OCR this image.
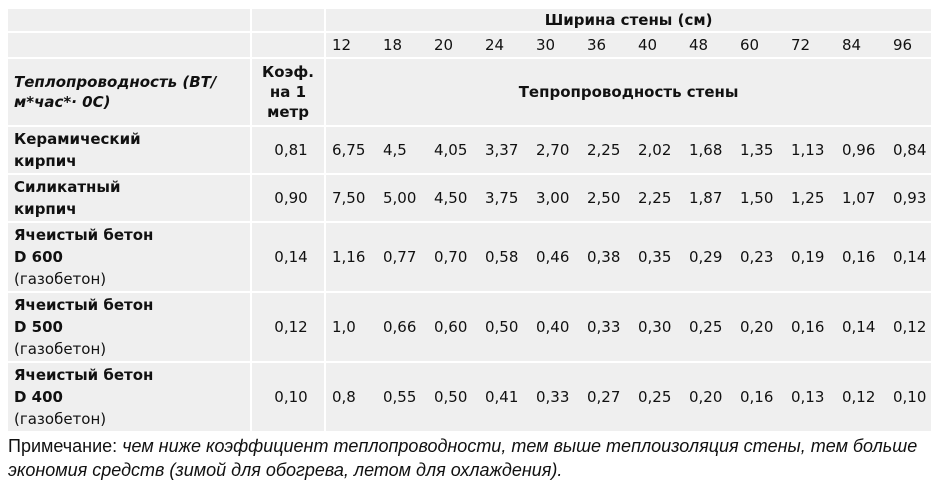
		Ширина стены (см)											
		12	18	20	24	30	36	40	48	60	72	84	96
Теплопроводность (ВТ/ м*час*· 0С)	Коэф. на 1 метр	Тепропроводность стены											

Керамический
кирпич	0,81	6,75	4,5	4,05	3,37	2,70	2,25	2,02	1,68	1,35	1,13	0,96	0,84

Силикатный
кирпич	0,90	7,50	5,00	4,50	3,75	3,00	2,50	2,25	1,87	1,50	1,25	1,07	0,93

Ячеистый бетон
D 600
(газобетон)	0,14	1,16	0,77	0,70	0,58	0,46	0,38	0,35	0,29	0,23	0,19	0,16	0,14

Ячеистый бетон
D 500
(газобетон)	0,12	1,0	0,66	0,60	0,50	0,40	0,33	0,30	0,25	0,20	0,16	0,14	0,12

Ячеистый бетон
D 400
(газобетон)	0,10	0,8	0,55	0,50	0,41	0,33	0,27	0,25	0,20	0,16	0,13	0,12	0,10
Примечание: чем ниже коэффициент теплопроводности, тем выше теплоизоляция стены, тем больше экономия средств (зимой для обогрева, летом для охлаждения).
